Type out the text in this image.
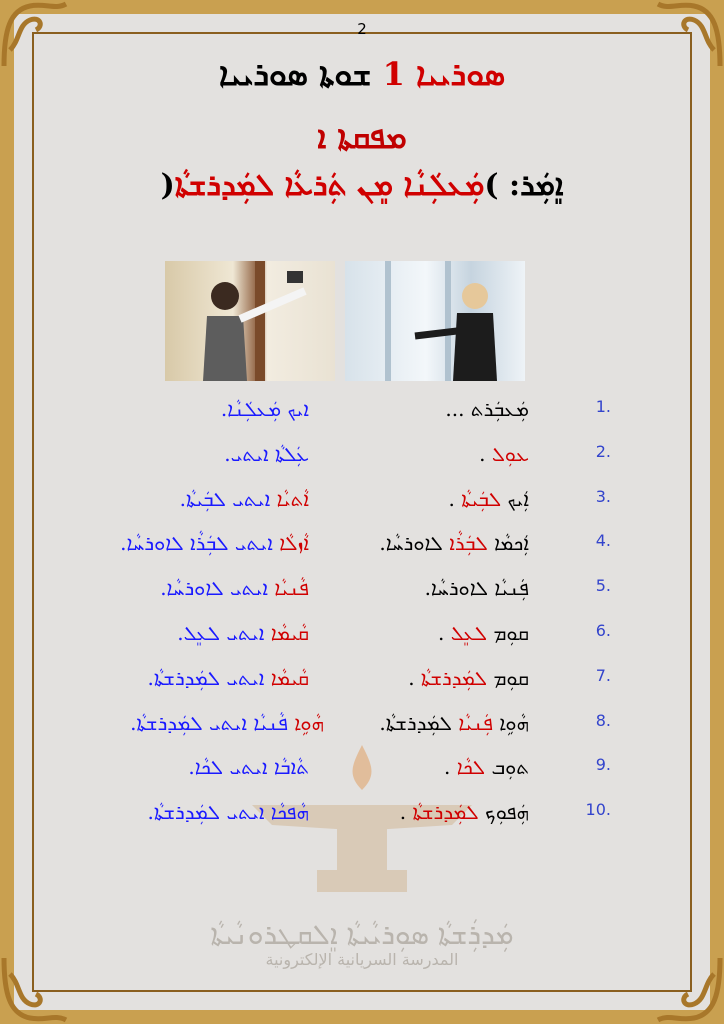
2
ܣܘܪܝܝܐ 1 ܫܘܬܐ ܣܘܪܝܝܐ
ܡܦܩܬܐ ܐ
ܐܸܡܲܪ: )ܡܲܥܠܲܢܵܐ ܡܸܢ ܬܲܪܥܵܐ ܠܡܲܕܪܫܬܵܐ(
1.
ܡܲܥܒܲܪܬ ...
ܐܝܟ ܡܲܥܠܲܢܵܐ.
2.
ܥܘܼܠ .
ܥܲܠܬܵܐ ܐܝܬܝ.
3.
ܐܲܝܟ ܠܒܲܝܬܵܐ .
ܐܵܬܝܵܐ ܐܝܬܝ ܠܒܲܝܬܵܐ.
4.
ܐܲܟܡܵܐ ܠܒܲܪܵܐ ܠܐܘܪܚܵܐ.
ܐܵܙܠܵܐ ܐܝܬܝ ܠܒܲܪܵܐ ܠܐܘܪܚܵܐ.
5.
ܦܲܢܝܵܐ ܠܐܘܪܚܵܐ.
ܦܵܢܝܵܐ ܐܝܬܝ ܠܐܘܪܚܵܐ.
6.
ܩܘܼܡ ܠܥܸܠ .
ܩܵܝܡܵܐ ܐܝܬܝ ܠܥܸܠ.
7.
ܩܘܼܡ ܠܡܲܕܪܫܬܵܐ .
ܩܵܝܡܵܐ ܐܝܬܝ ܠܡܲܕܪܫܬܵܐ.
8.
ܗܵܘܹܐ ܦܲܢܝܵܐ ܠܡܲܕܪܫܬܵܐ.
ܗܵܘܹܐ ܦܵܢܝܵܐ ܐܝܬܝ ܠܡܲܕܪܫܬܵܐ.
9.
ܬܘܼܒ ܠܟܵܐ .
ܬܵܐܒܵܐ ܐܝܬܝ ܠܟܵܐ.
10.
ܗܲܦܘܼܟ ܠܡܲܕܪܫܬܵܐ .
ܗܵܦܟܵܐ ܐܝܬܝ ܠܡܲܕܪܫܬܵܐ.
ܡܲܕܪܲܫܬܵܐ ܣܘܼܪܝܵܝܬܵܐ ܐܸܠܩܛܪܘܢܵܝܬܵܐ
المدرسة السريانية الإلكترونية
